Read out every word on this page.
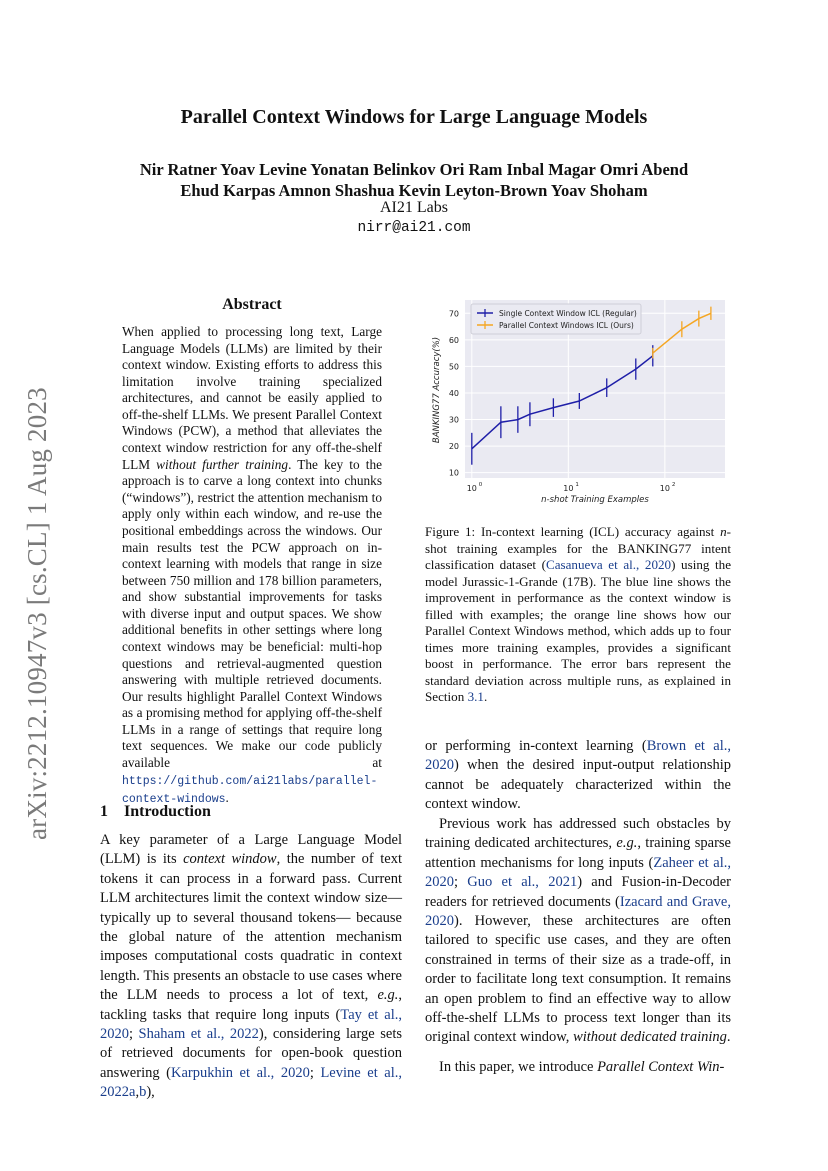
arXiv:2212.10947v3 [cs.CL] 1 Aug 2023
Parallel Context Windows for Large Language Models
Nir Ratner Yoav Levine Yonatan Belinkov Ori Ram Inbal Magar Omri Abend
Ehud Karpas Amnon Shashua Kevin Leyton-Brown Yoav Shoham
AI21 Labs
nirr@ai21.com
Abstract
When applied to processing long text, Large Language Models (LLMs) are limited by their context window. Existing efforts to address this limitation involve training specialized architectures, and cannot be easily applied to off-the-shelf LLMs. We present Parallel Context Windows (PCW), a method that alleviates the context window restriction for any off-the-shelf LLM without further training. The key to the approach is to carve a long context into chunks (“windows”), restrict the attention mechanism to apply only within each window, and re-use the positional embeddings across the windows. Our main results test the PCW approach on in-context learning with models that range in size between 750 million and 178 billion parameters, and show substantial improvements for tasks with diverse input and output spaces. We show additional benefits in other settings where long context windows may be beneficial: multi-hop questions and retrieval-augmented question answering with multiple retrieved documents. Our results highlight Parallel Context Windows as a promising method for applying off-the-shelf LLMs in a range of settings that require long text sequences. We make our code publicly available at https://github.com/ai21labs/parallel-context-windows.
1 Introduction
A key parameter of a Large Language Model (LLM) is its context window, the number of text tokens it can process in a forward pass. Current LLM architectures limit the context window size—typically up to several thousand tokens— because the global nature of the attention mechanism imposes computational costs quadratic in context length. This presents an obstacle to use cases where the LLM needs to process a lot of text, e.g., tackling tasks that require long inputs (Tay et al., 2020; Shaham et al., 2022), considering large sets of retrieved documents for open-book question answering (Karpukhin et al., 2020; Levine et al., 2022a,b),
10
20
30
40
50
60
70
10 0	10 1	10 2
Single Context Window ICL (Regular)
Parallel Context Windows ICL (Ours)
n-shot Training Examples
BANKING77 Accuracy(%)
Figure 1: In-context learning (ICL) accuracy against n-shot training examples for the BANKING77 intent classification dataset (Casanueva et al., 2020) using the model Jurassic-1-Grande (17B). The blue line shows the improvement in performance as the context window is filled with examples; the orange line shows how our Parallel Context Windows method, which adds up to four times more training examples, provides a significant boost in performance. The error bars represent the standard deviation across multiple runs, as explained in Section 3.1.
or performing in-context learning (Brown et al., 2020) when the desired input-output relationship cannot be adequately characterized within the context window.
Previous work has addressed such obstacles by training dedicated architectures, e.g., training sparse attention mechanisms for long inputs (Zaheer et al., 2020; Guo et al., 2021) and Fusion-in-Decoder readers for retrieved documents (Izacard and Grave, 2020). However, these architectures are often tailored to specific use cases, and they are often constrained in terms of their size as a trade-off, in order to facilitate long text consumption. It remains an open problem to find an effective way to allow off-the-shelf LLMs to process text longer than its original context window, without dedicated training.
In this paper, we introduce Parallel Context Win-
